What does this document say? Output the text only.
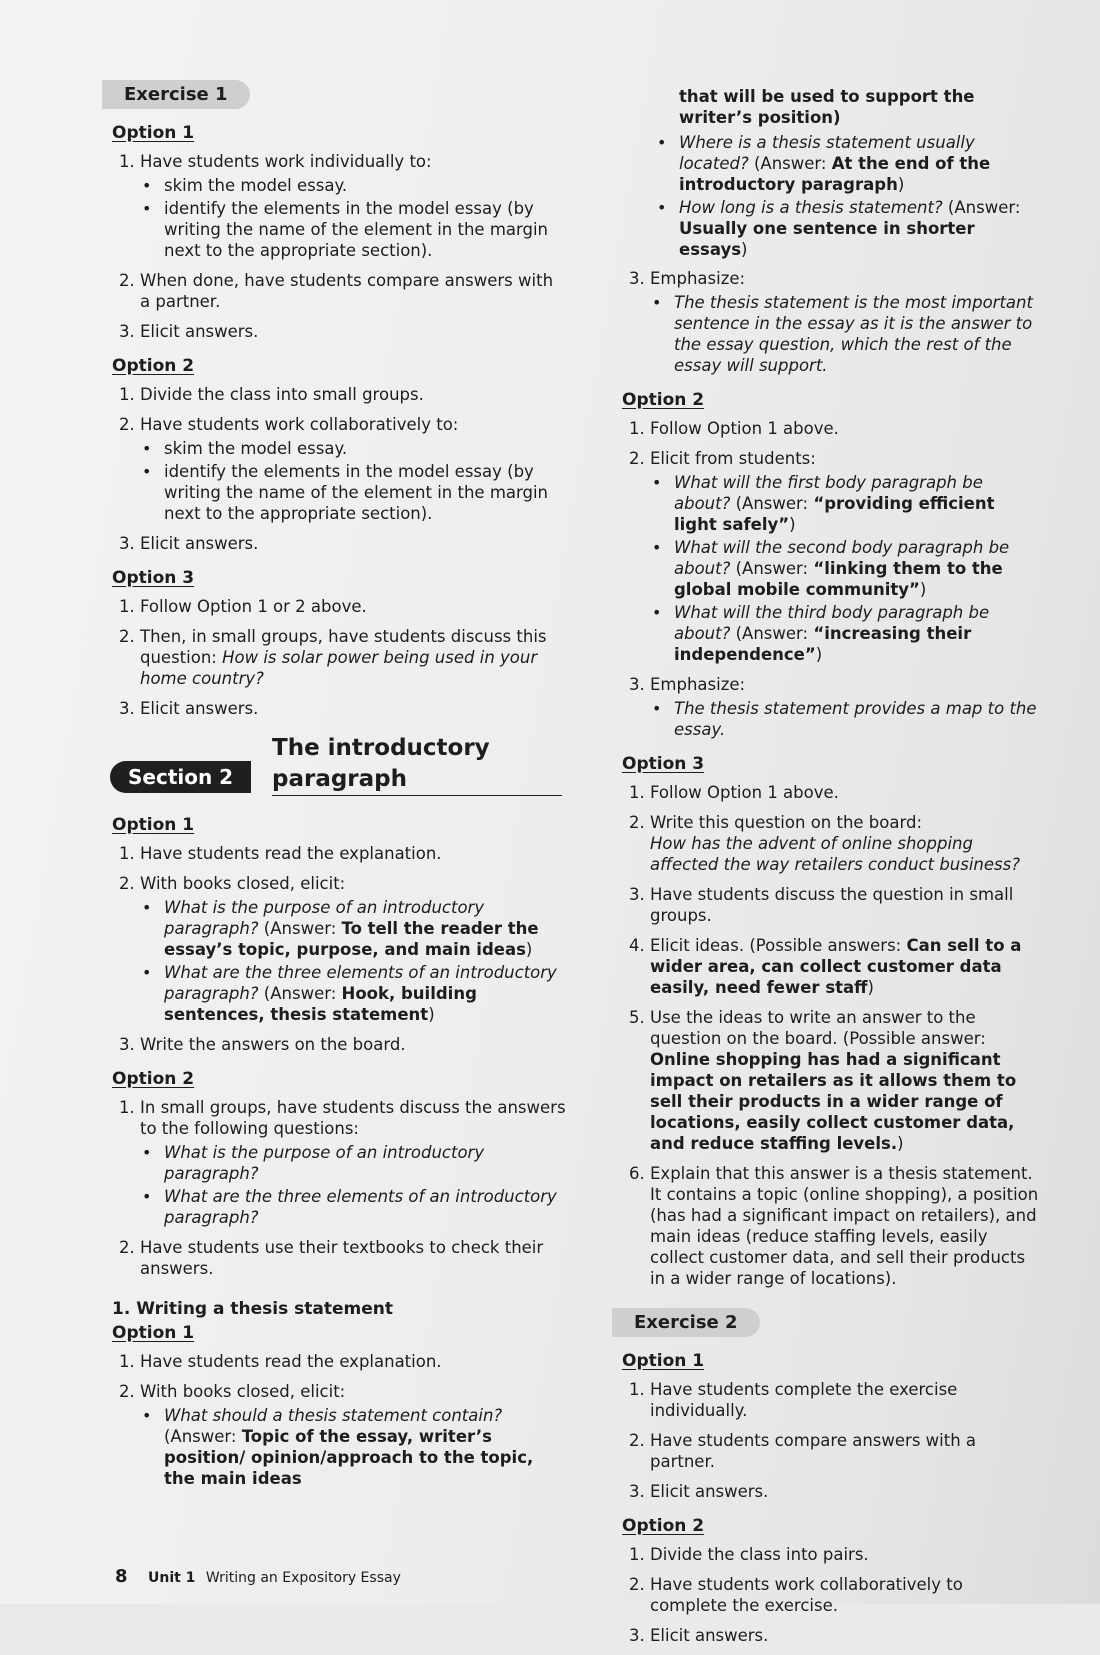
Exercise 1
Option 1
1. Have students work individually to:
• skim the model essay.
• identify the elements in the model essay (by writing the name of the element in the margin next to the appropriate section).
2. When done, have students compare answers with a partner.
3. Elicit answers.
Option 2
1. Divide the class into small groups.
2. Have students work collaboratively to:
• skim the model essay.
• identify the elements in the model essay (by writing the name of the element in the margin next to the appropriate section).
3. Elicit answers.
Option 3
1. Follow Option 1 or 2 above.
2. Then, in small groups, have students discuss this question: How is solar power being used in your home country?
3. Elicit answers.
Section 2
The introductory paragraph
Option 1
1. Have students read the explanation.
2. With books closed, elicit:
• What is the purpose of an introductory paragraph? (Answer: To tell the reader the essay’s topic, purpose, and main ideas)
• What are the three elements of an introductory paragraph? (Answer: Hook, building sentences, thesis statement)
3. Write the answers on the board.
Option 2
1. In small groups, have students discuss the answers to the following questions:
• What is the purpose of an introductory paragraph?
• What are the three elements of an introductory paragraph?
2. Have students use their textbooks to check their answers.
1. Writing a thesis statement
Option 1
1. Have students read the explanation.
2. With books closed, elicit:
• What should a thesis statement contain? (Answer: Topic of the essay, writer’s position/ opinion/approach to the topic, the main ideas
that will be used to support the writer’s position)
• Where is a thesis statement usually located? (Answer: At the end of the introductory paragraph)
• How long is a thesis statement? (Answer: Usually one sentence in shorter essays)
3. Emphasize:
• The thesis statement is the most important sentence in the essay as it is the answer to the essay question, which the rest of the essay will support.
Option 2
1. Follow Option 1 above.
2. Elicit from students:
• What will the first body paragraph be about? (Answer: “providing efficient light safely”)
• What will the second body paragraph be about? (Answer: “linking them to the global mobile community”)
• What will the third body paragraph be about? (Answer: “increasing their independence”)
3. Emphasize:
• The thesis statement provides a map to the essay.
Option 3
1. Follow Option 1 above.
2. Write this question on the board:
How has the advent of online shopping affected the way retailers conduct business?
3. Have students discuss the question in small groups.
4. Elicit ideas. (Possible answers: Can sell to a wider area, can collect customer data easily, need fewer staff)
5. Use the ideas to write an answer to the question on the board. (Possible answer: Online shopping has had a significant impact on retailers as it allows them to sell their products in a wider range of locations, easily collect customer data, and reduce staffing levels.)
6. Explain that this answer is a thesis statement. It contains a topic (online shopping), a position (has had a significant impact on retailers), and main ideas (reduce staffing levels, easily collect customer data, and sell their products in a wider range of locations).
Exercise 2
Option 1
1. Have students complete the exercise individually.
2. Have students compare answers with a partner.
3. Elicit answers.
Option 2
1. Divide the class into pairs.
2. Have students work collaboratively to complete the exercise.
3. Elicit answers.
8 Unit 1 Writing an Expository Essay
